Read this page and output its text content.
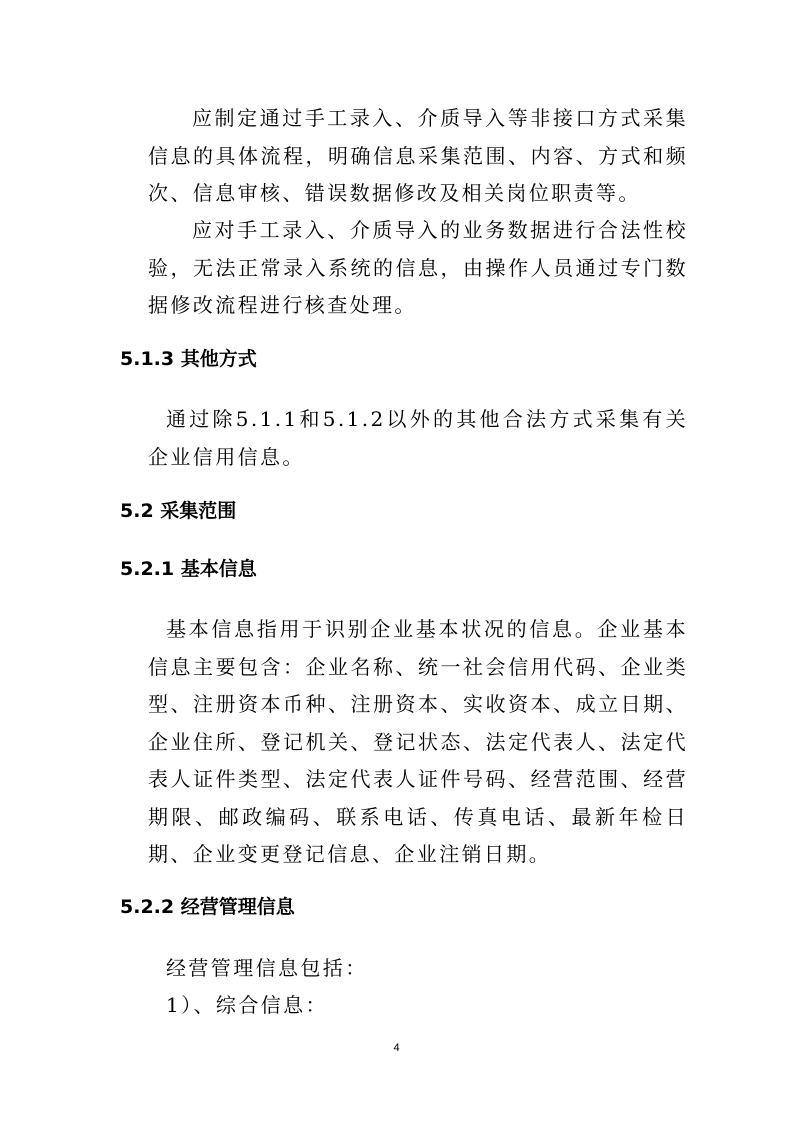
应制定通过手工录入、介质导入等非接口方式采集信息的具体流程，明确信息采集范围、内容、方式和频次、信息审核、错误数据修改及相关岗位职责等。

应对手工录入、介质导入的业务数据进行合法性校验，无法正常录入系统的信息，由操作人员通过专门数据修改流程进行核查处理。

5.1.3 其他方式

通过除5.1.1和5.1.2以外的其他合法方式采集有关企业信用信息。

5.2 采集范围
5.2.1 基本信息

基本信息指用于识别企业基本状况的信息。企业基本信息主要包含：企业名称、统一社会信用代码、企业类型、注册资本币种、注册资本、实收资本、成立日期、企业住所、登记机关、登记状态、法定代表人、法定代表人证件类型、法定代表人证件号码、经营范围、经营期限、邮政编码、联系电话、传真电话、最新年检日期、企业变更登记信息、企业注销日期。

5.2.2 经营管理信息

经营管理信息包括：

1）、综合信息：

4
